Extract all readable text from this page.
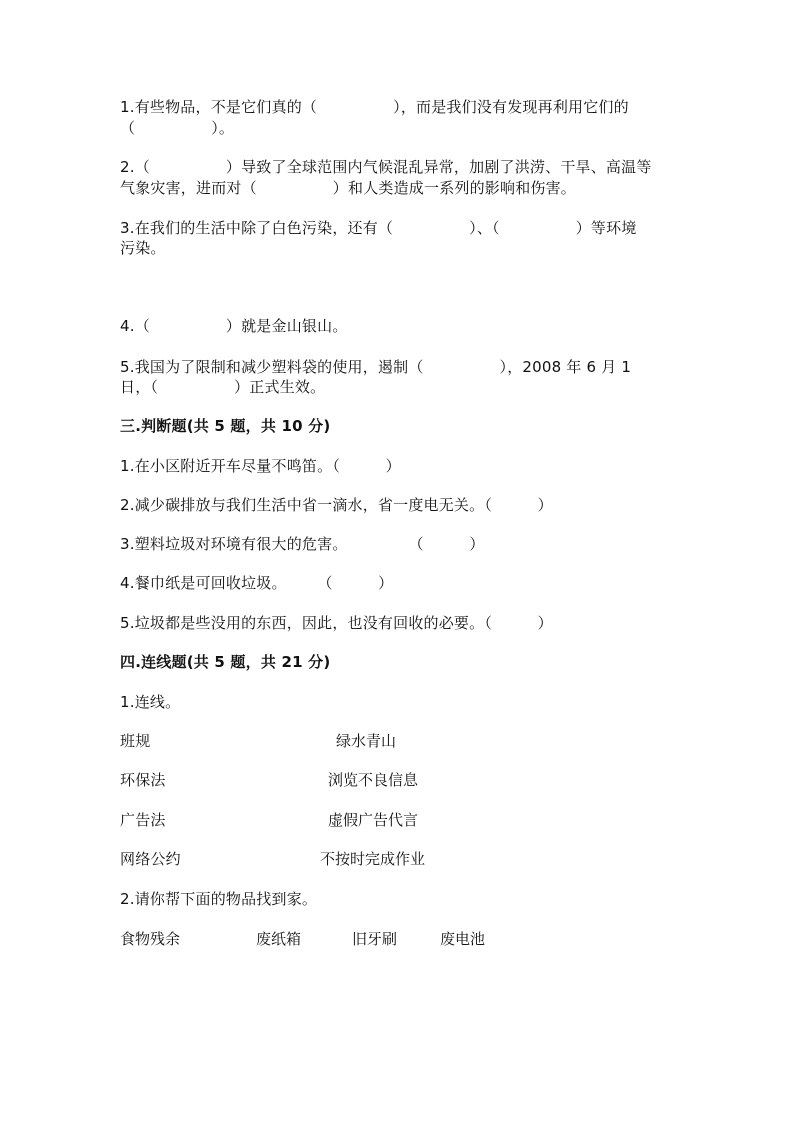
1.有些物品，不是它们真的（　　　　　），而是我们没有发现再利用它们的
（　　　　　）。
2.（　　　　　）导致了全球范围内气候混乱异常，加剧了洪涝、干旱、高温等
气象灾害，进而对（　　　　　）和人类造成一系列的影响和伤害。
3.在我们的生活中除了白色污染，还有（　　　　　）、（　　　　　）等环境
污染。
4.（　　　　　）就是金山银山。
5.我国为了限制和减少塑料袋的使用，遏制（　　　　　），2008 年 6 月 1
日，（　　　　　）正式生效。
三.判断题(共 5 题，共 10 分)
1.在小区附近开车尽量不鸣笛。（　　　）
2.减少碳排放与我们生活中省一滴水，省一度电无关。（　　　）
3.塑料垃圾对环境有很大的危害。　　　　　（　　　）
4.餐巾纸是可回收垃圾。　　　（　　　）
5.垃圾都是些没用的东西，因此，也没有回收的必要。（　　　）
四.连线题(共 5 题，共 21 分)
1.连线。
班规	绿水青山
环保法	浏览不良信息
广告法	虚假广告代言
网络公约	不按时完成作业
2.请你帮下面的物品找到家。
食物残余	废纸箱	旧牙刷	废电池
